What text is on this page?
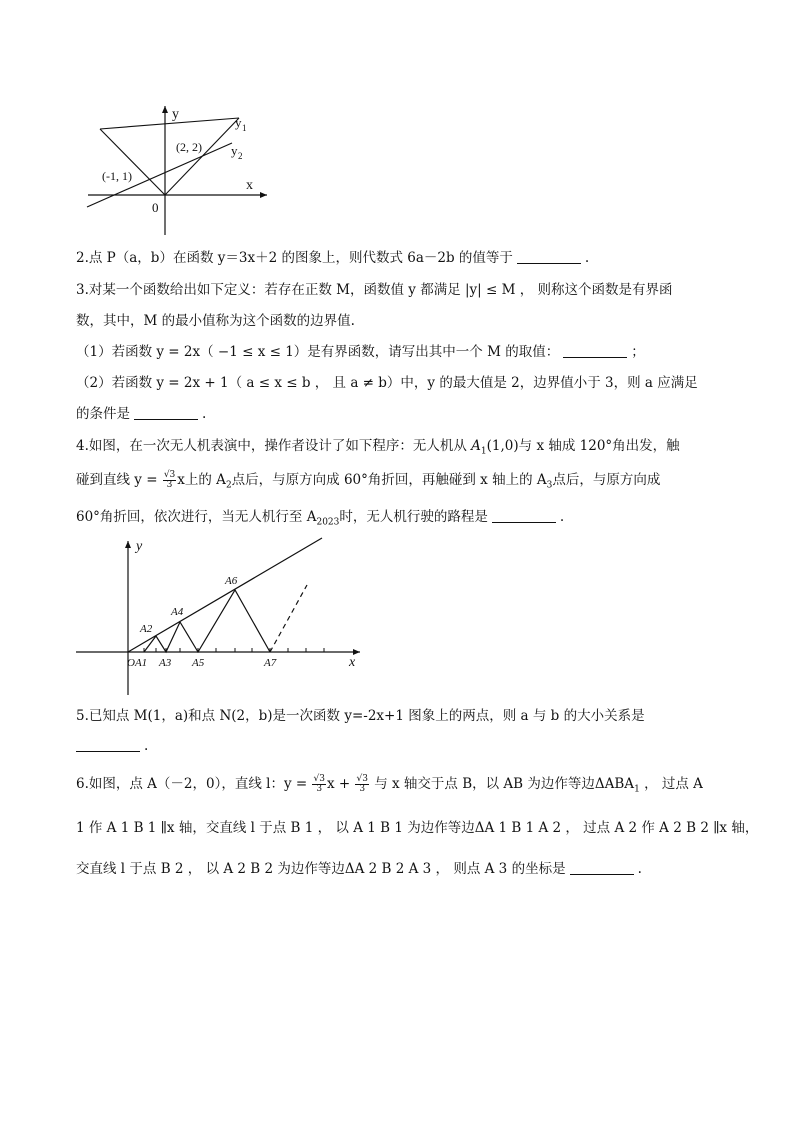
y
x
0
y 1
y 2
(2, 2)
(-1, 1)
2.点 P（a，b）在函数 y＝3x＋2 的图象上，则代数式 6a－2b 的值等于	.
3.对某一个函数给出如下定义：若存在正数 M，函数值 y 都满足 |y| ≤ M ， 则称这个函数是有界函
数，其中，M 的最小值称为这个函数的边界值.
（1）若函数 y = 2x（ −1 ≤ x ≤ 1）是有界函数，请写出其中一个 M 的取值：	；
（2）若函数 y = 2x + 1（ a ≤ x ≤ b ， 且 a ≠ b）中，y 的最大值是 2，边界值小于 3，则 a 应满足
的条件是	.
4.如图，在一次无人机表演中，操作者设计了如下程序：无人机从 $A_1(1,0)$与 x 轴成 120°角出发，触
碰到直线 $y = \frac{√3}{3}$ x上的 $A_2$点后，与原方向成 60°角折回，再触碰到 x 轴上的 $A_3$点后，与原方向成
60°角折回，依次进行，当无人机行至 $A_{2023}$时，无人机行驶的路程是	.
y
x
A2
A4
A6
OA1 A3 A5	A7
5.已知点 M(1，a)和点 N(2，b)是一次函数 y=-2x+1 图象上的两点，则 a 与 b 的大小关系是
.
6.如图，点 A（－2，0），直线 l：$y = \frac{√3}{3}$ $x + \frac{√3}{3}$ 与 x 轴交于点 B，以 AB 为边作等边$\Delta ABA_1$ ， 过点 A
1 作 A 1 B 1 ∥x 轴，交直线 l 于点 B 1 ， 以 A 1 B 1 为边作等边ΔA 1 B 1 A 2 ， 过点 A 2 作 A 2 B 2 ∥x 轴，
交直线 l 于点 B 2 ， 以 A 2 B 2 为边作等边ΔA 2 B 2 A 3 ， 则点 A 3 的坐标是	.
